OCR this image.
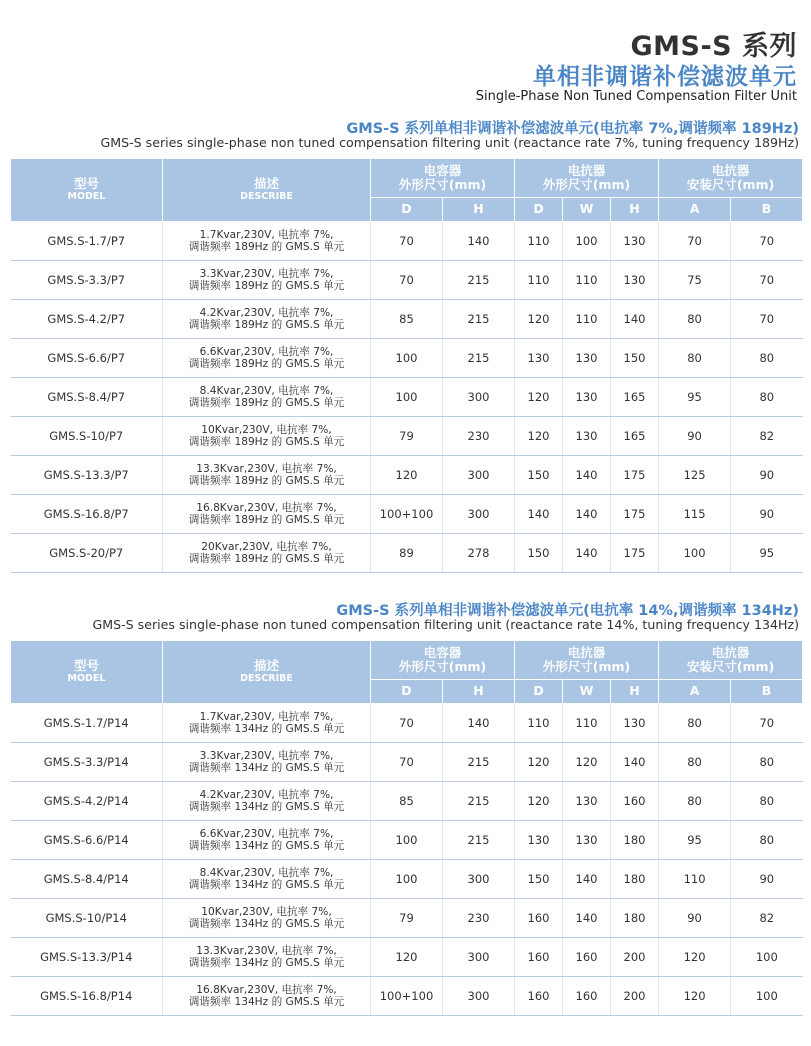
GMS-S 系列
单相非调谐补偿滤波单元
Single-Phase Non Tuned Compensation Filter Unit
GMS-S 系列单相非调谐补偿滤波单元(电抗率 7%,调谐频率 189Hz)
GMS-S series single-phase non tuned compensation filtering unit (reactance rate 7%, tuning frequency 189Hz)
型号
MODEL	描述
DESCRIBE	电容器
外形尺寸(mm)		电抗器
外形尺寸(mm)			电抗器
安装尺寸(mm)	

		D	H	D	W	H	A	B
GMS.S-1.7/P7	1.7Kvar,230V, 电抗率 7%,
调谐频率 189Hz 的 GMS.S 单元	70	140	110	100	130	70	70
GMS.S-3.3/P7	3.3Kvar,230V, 电抗率 7%,
调谐频率 189Hz 的 GMS.S 单元	70	215	110	110	130	75	70
GMS.S-4.2/P7	4.2Kvar,230V, 电抗率 7%,
调谐频率 189Hz 的 GMS.S 单元	85	215	120	110	140	80	70
GMS.S-6.6/P7	6.6Kvar,230V, 电抗率 7%,
调谐频率 189Hz 的 GMS.S 单元	100	215	130	130	150	80	80
GMS.S-8.4/P7	8.4Kvar,230V, 电抗率 7%,
调谐频率 189Hz 的 GMS.S 单元	100	300	120	130	165	95	80
GMS.S-10/P7	10Kvar,230V, 电抗率 7%,
调谐频率 189Hz 的 GMS.S 单元	79	230	120	130	165	90	82
GMS.S-13.3/P7	13.3Kvar,230V, 电抗率 7%,
调谐频率 189Hz 的 GMS.S 单元	120	300	150	140	175	125	90
GMS.S-16.8/P7	16.8Kvar,230V, 电抗率 7%,
调谐频率 189Hz 的 GMS.S 单元	100+100	300	140	140	175	115	90
GMS.S-20/P7	20Kvar,230V, 电抗率 7%,
调谐频率 189Hz 的 GMS.S 单元	89	278	150	140	175	100	95
GMS-S 系列单相非调谐补偿滤波单元(电抗率 14%,调谐频率 134Hz)
GMS-S series single-phase non tuned compensation filtering unit (reactance rate 14%, tuning frequency 134Hz)
型号
MODEL	描述
DESCRIBE	电容器
外形尺寸(mm)		电抗器
外形尺寸(mm)			电抗器
安装尺寸(mm)	

		D	H	D	W	H	A	B
GMS.S-1.7/P14	1.7Kvar,230V, 电抗率 7%,
调谐频率 134Hz 的 GMS.S 单元	70	140	110	110	130	80	70
GMS.S-3.3/P14	3.3Kvar,230V, 电抗率 7%,
调谐频率 134Hz 的 GMS.S 单元	70	215	120	120	140	80	80
GMS.S-4.2/P14	4.2Kvar,230V, 电抗率 7%,
调谐频率 134Hz 的 GMS.S 单元	85	215	120	130	160	80	80
GMS.S-6.6/P14	6.6Kvar,230V, 电抗率 7%,
调谐频率 134Hz 的 GMS.S 单元	100	215	130	130	180	95	80
GMS.S-8.4/P14	8.4Kvar,230V, 电抗率 7%,
调谐频率 134Hz 的 GMS.S 单元	100	300	150	140	180	110	90
GMS.S-10/P14	10Kvar,230V, 电抗率 7%,
调谐频率 134Hz 的 GMS.S 单元	79	230	160	140	180	90	82
GMS.S-13.3/P14	13.3Kvar,230V, 电抗率 7%,
调谐频率 134Hz 的 GMS.S 单元	120	300	160	160	200	120	100
GMS.S-16.8/P14	16.8Kvar,230V, 电抗率 7%,
调谐频率 134Hz 的 GMS.S 单元	100+100	300	160	160	200	120	100
